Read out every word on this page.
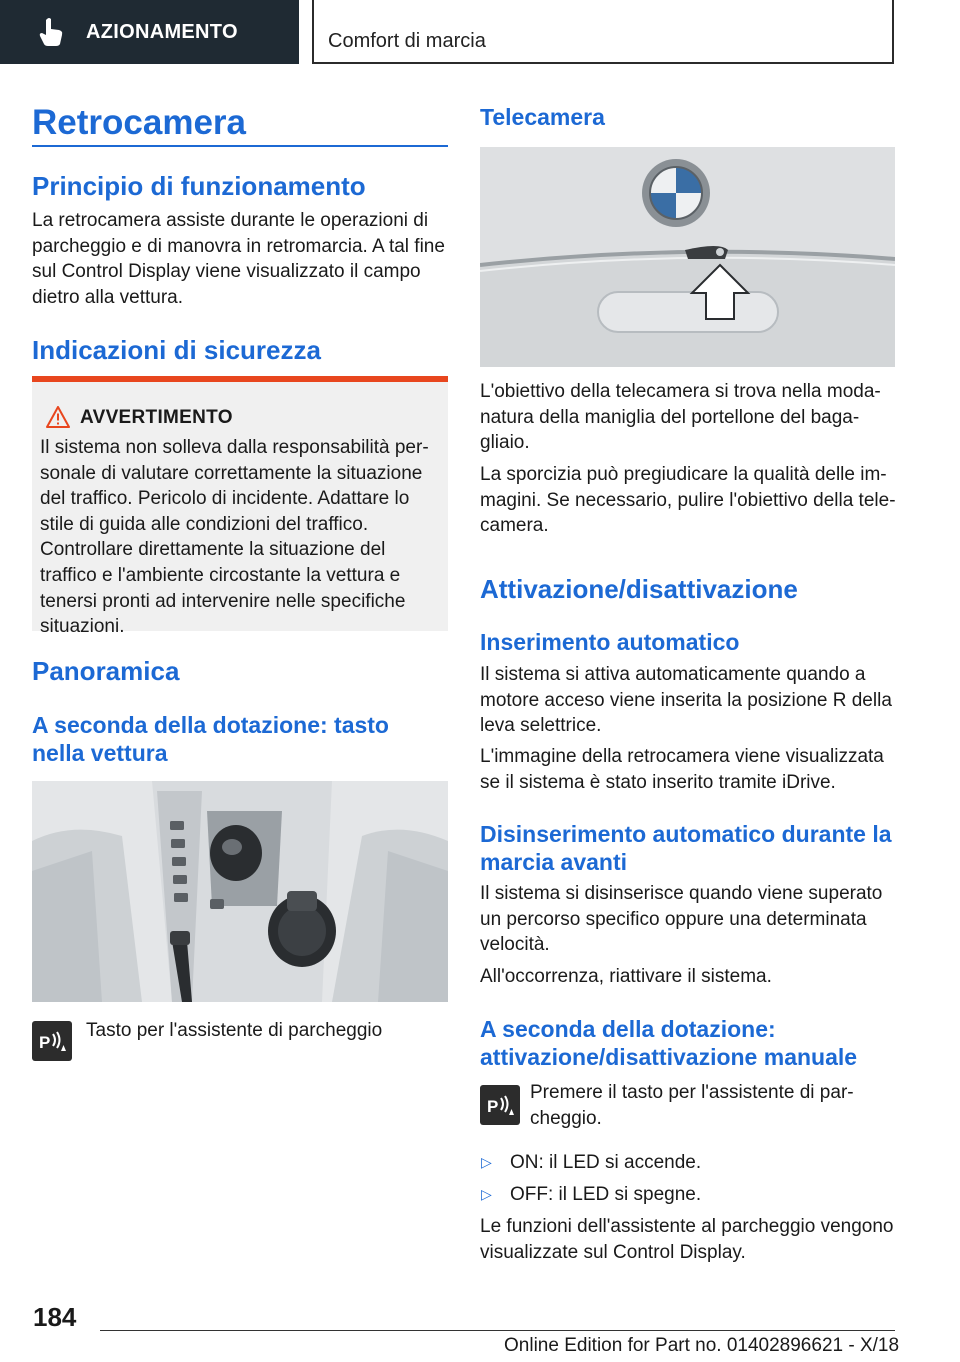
AZIONAMENTO	Comfort di marcia
Retrocamera
Principio di funzionamento
La retrocamera assiste durante le operazioni di parcheggio e di manovra in retromarcia. A tal fine sul Control Display viene visualizzato il campo dietro alla vettura.
Indicazioni di sicurezza
AVVERTIMENTO
Il sistema non solleva dalla responsabilità personale di valutare correttamente la situazione del traffico. Pericolo di incidente. Adattare lo stile di guida alle condizioni del traffico. Controllare direttamente la situazione del traffico e l'ambiente circostante la vettura e tenersi pronti ad intervenire nelle specifiche situazioni.
Panoramica
A seconda della dotazione: tasto nella vettura
P
Tasto per l'assistente di parcheggio
Telecamera
L'obiettivo della telecamera si trova nella modanatura della maniglia del portellone del bagagliaio.
La sporcizia può pregiudicare la qualità delle immagini. Se necessario, pulire l'obiettivo della telecamera.
Attivazione/disattivazione
Inserimento automatico
Il sistema si attiva automaticamente quando a motore acceso viene inserita la posizione R della leva selettrice.
L'immagine della retrocamera viene visualizzata se il sistema è stato inserito tramite iDrive.
Disinserimento automatico durante la marcia avanti
Il sistema si disinserisce quando viene superato un percorso specifico oppure una determinata velocità.
All'occorrenza, riattivare il sistema.
A seconda della dotazione: attivazione/disattivazione manuale
P
Premere il tasto per l'assistente di parcheggio.
▷ ON: il LED si accende.
▷ OFF: il LED si spegne.
Le funzioni dell'assistente al parcheggio vengono visualizzate sul Control Display.
184
Online Edition for Part no. 01402896621 - X/18
